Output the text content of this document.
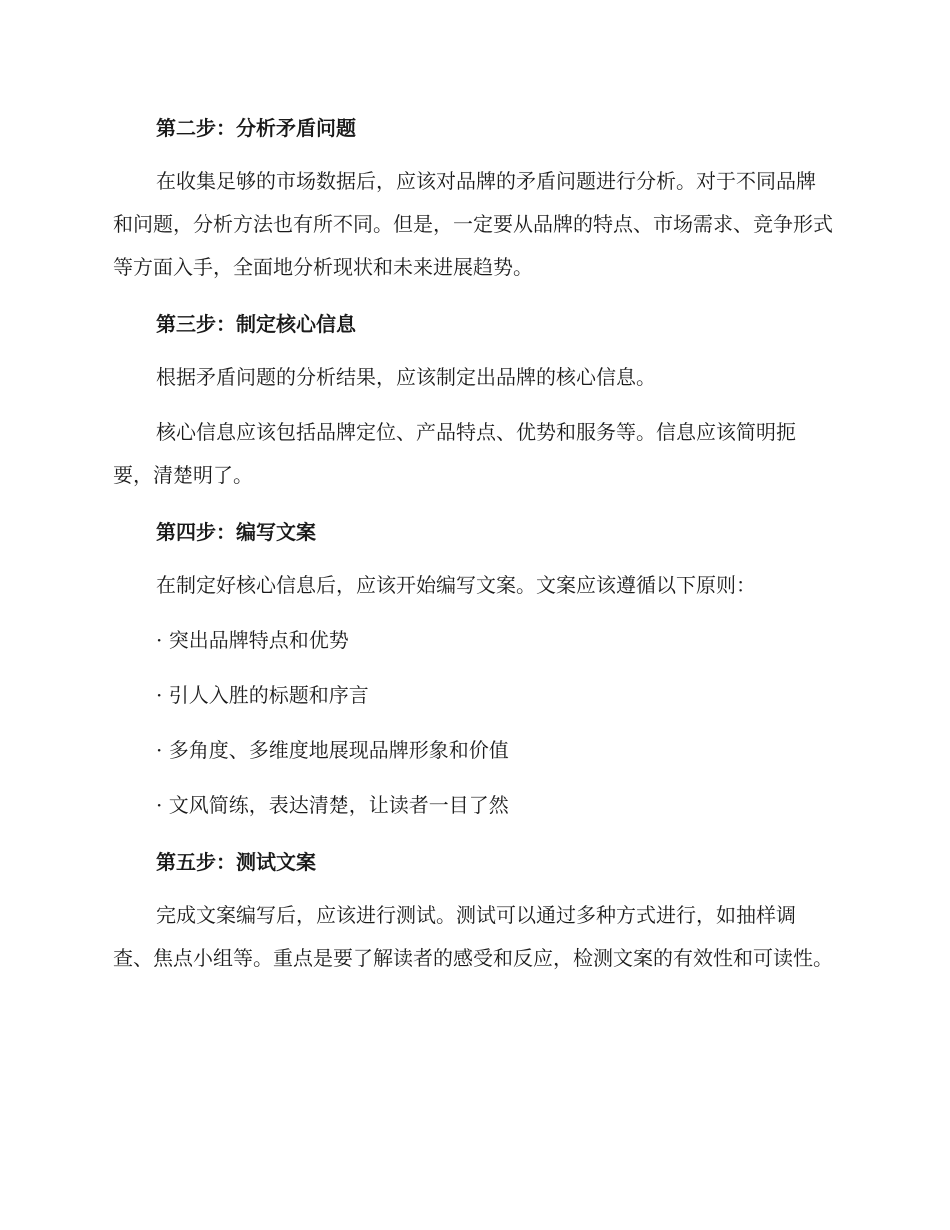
第二步：分析矛盾问题

在收集足够的市场数据后，应该对品牌的矛盾问题进行分析。对于不同品牌和问题，分析方法也有所不同。但是，一定要从品牌的特点、市场需求、竞争形式等方面入手，全面地分析现状和未来进展趋势。

第三步：制定核心信息

根据矛盾问题的分析结果，应该制定出品牌的核心信息。

核心信息应该包括品牌定位、产品特点、优势和服务等。信息应该简明扼要，清楚明了。

第四步：编写文案

在制定好核心信息后，应该开始编写文案。文案应该遵循以下原则：

· 突出品牌特点和优势

· 引人入胜的标题和序言

· 多角度、多维度地展现品牌形象和价值

· 文风简练，表达清楚，让读者一目了然

第五步：测试文案

完成文案编写后，应该进行测试。测试可以通过多种方式进行，如抽样调查、焦点小组等。重点是要了解读者的感受和反应，检测文案的有效性和可读性。
